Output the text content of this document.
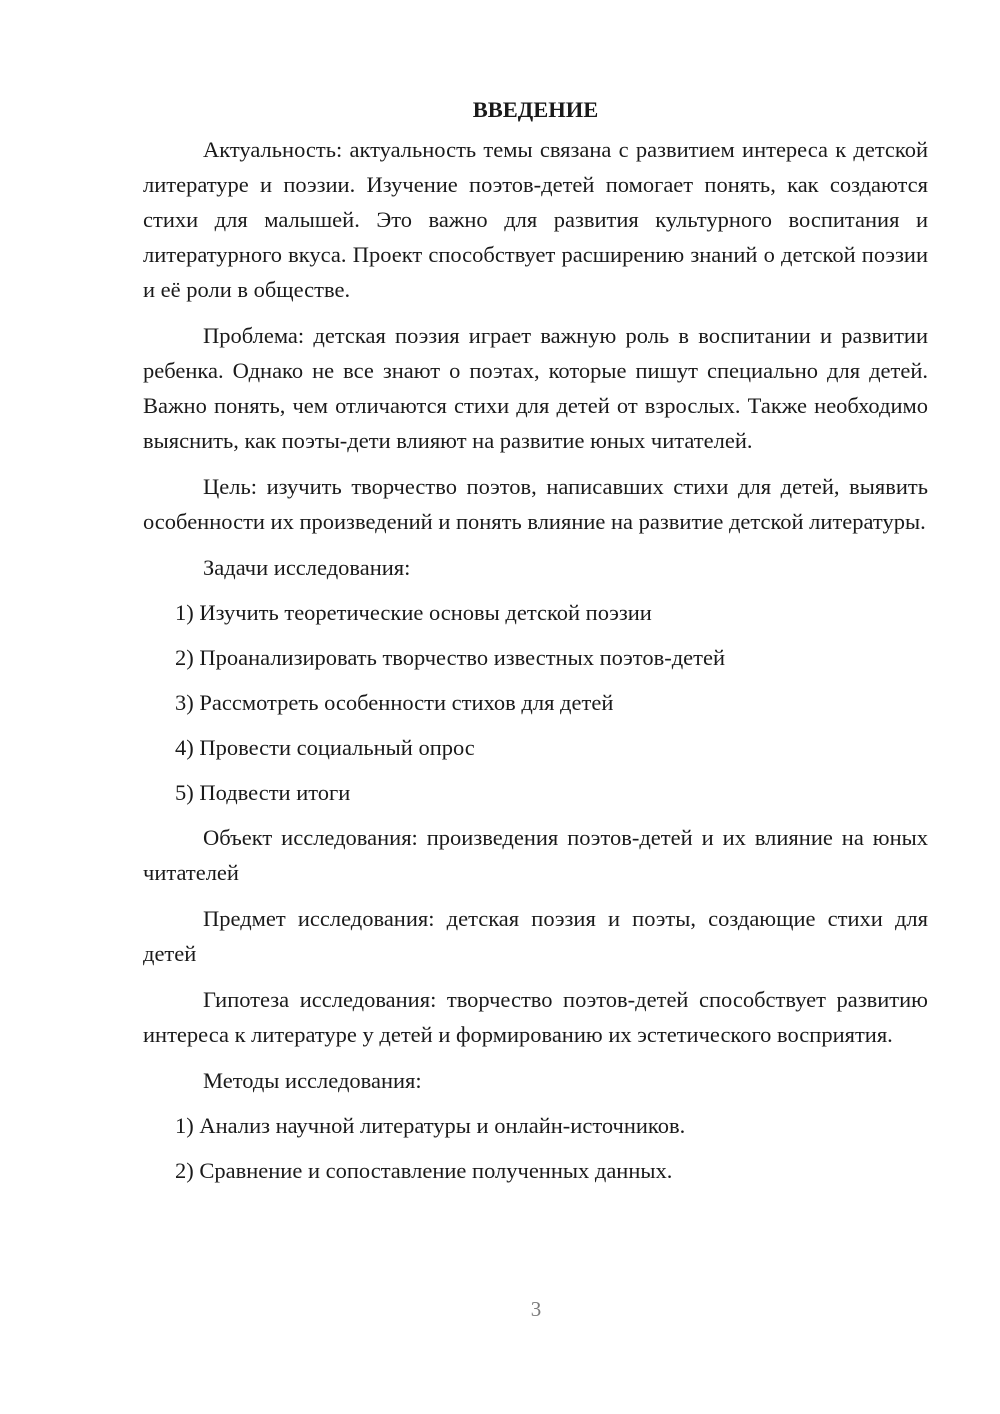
ВВЕДЕНИЕ

Актуальность: актуальность темы связана с развитием интереса к детской литературе и поэзии. Изучение поэтов-детей помогает понять, как создаются стихи для малышей. Это важно для развития культурного воспитания и литературного вкуса. Проект способствует расширению знаний о детской поэзии и её роли в обществе.

Проблема: детская поэзия играет важную роль в воспитании и развитии ребенка. Однако не все знают о поэтах, которые пишут специально для детей. Важно понять, чем отличаются стихи для детей от взрослых. Также необходимо выяснить, как поэты-дети влияют на развитие юных читателей.

Цель: изучить творчество поэтов, написавших стихи для детей, выявить особенности их произведений и понять влияние на развитие детской литературы.

Задачи исследования:
1) Изучить теоретические основы детской поэзии
2) Проанализировать творчество известных поэтов-детей
3) Рассмотреть особенности стихов для детей
4) Провести социальный опрос
5) Подвести итоги

Объект исследования: произведения поэтов-детей и их влияние на юных читателей

Предмет исследования: детская поэзия и поэты, создающие стихи для детей

Гипотеза исследования: творчество поэтов-детей способствует развитию интереса к литературе у детей и формированию их эстетического восприятия.

Методы исследования:
1) Анализ научной литературы и онлайн-источников.
2) Сравнение и сопоставление полученных данных.
3
